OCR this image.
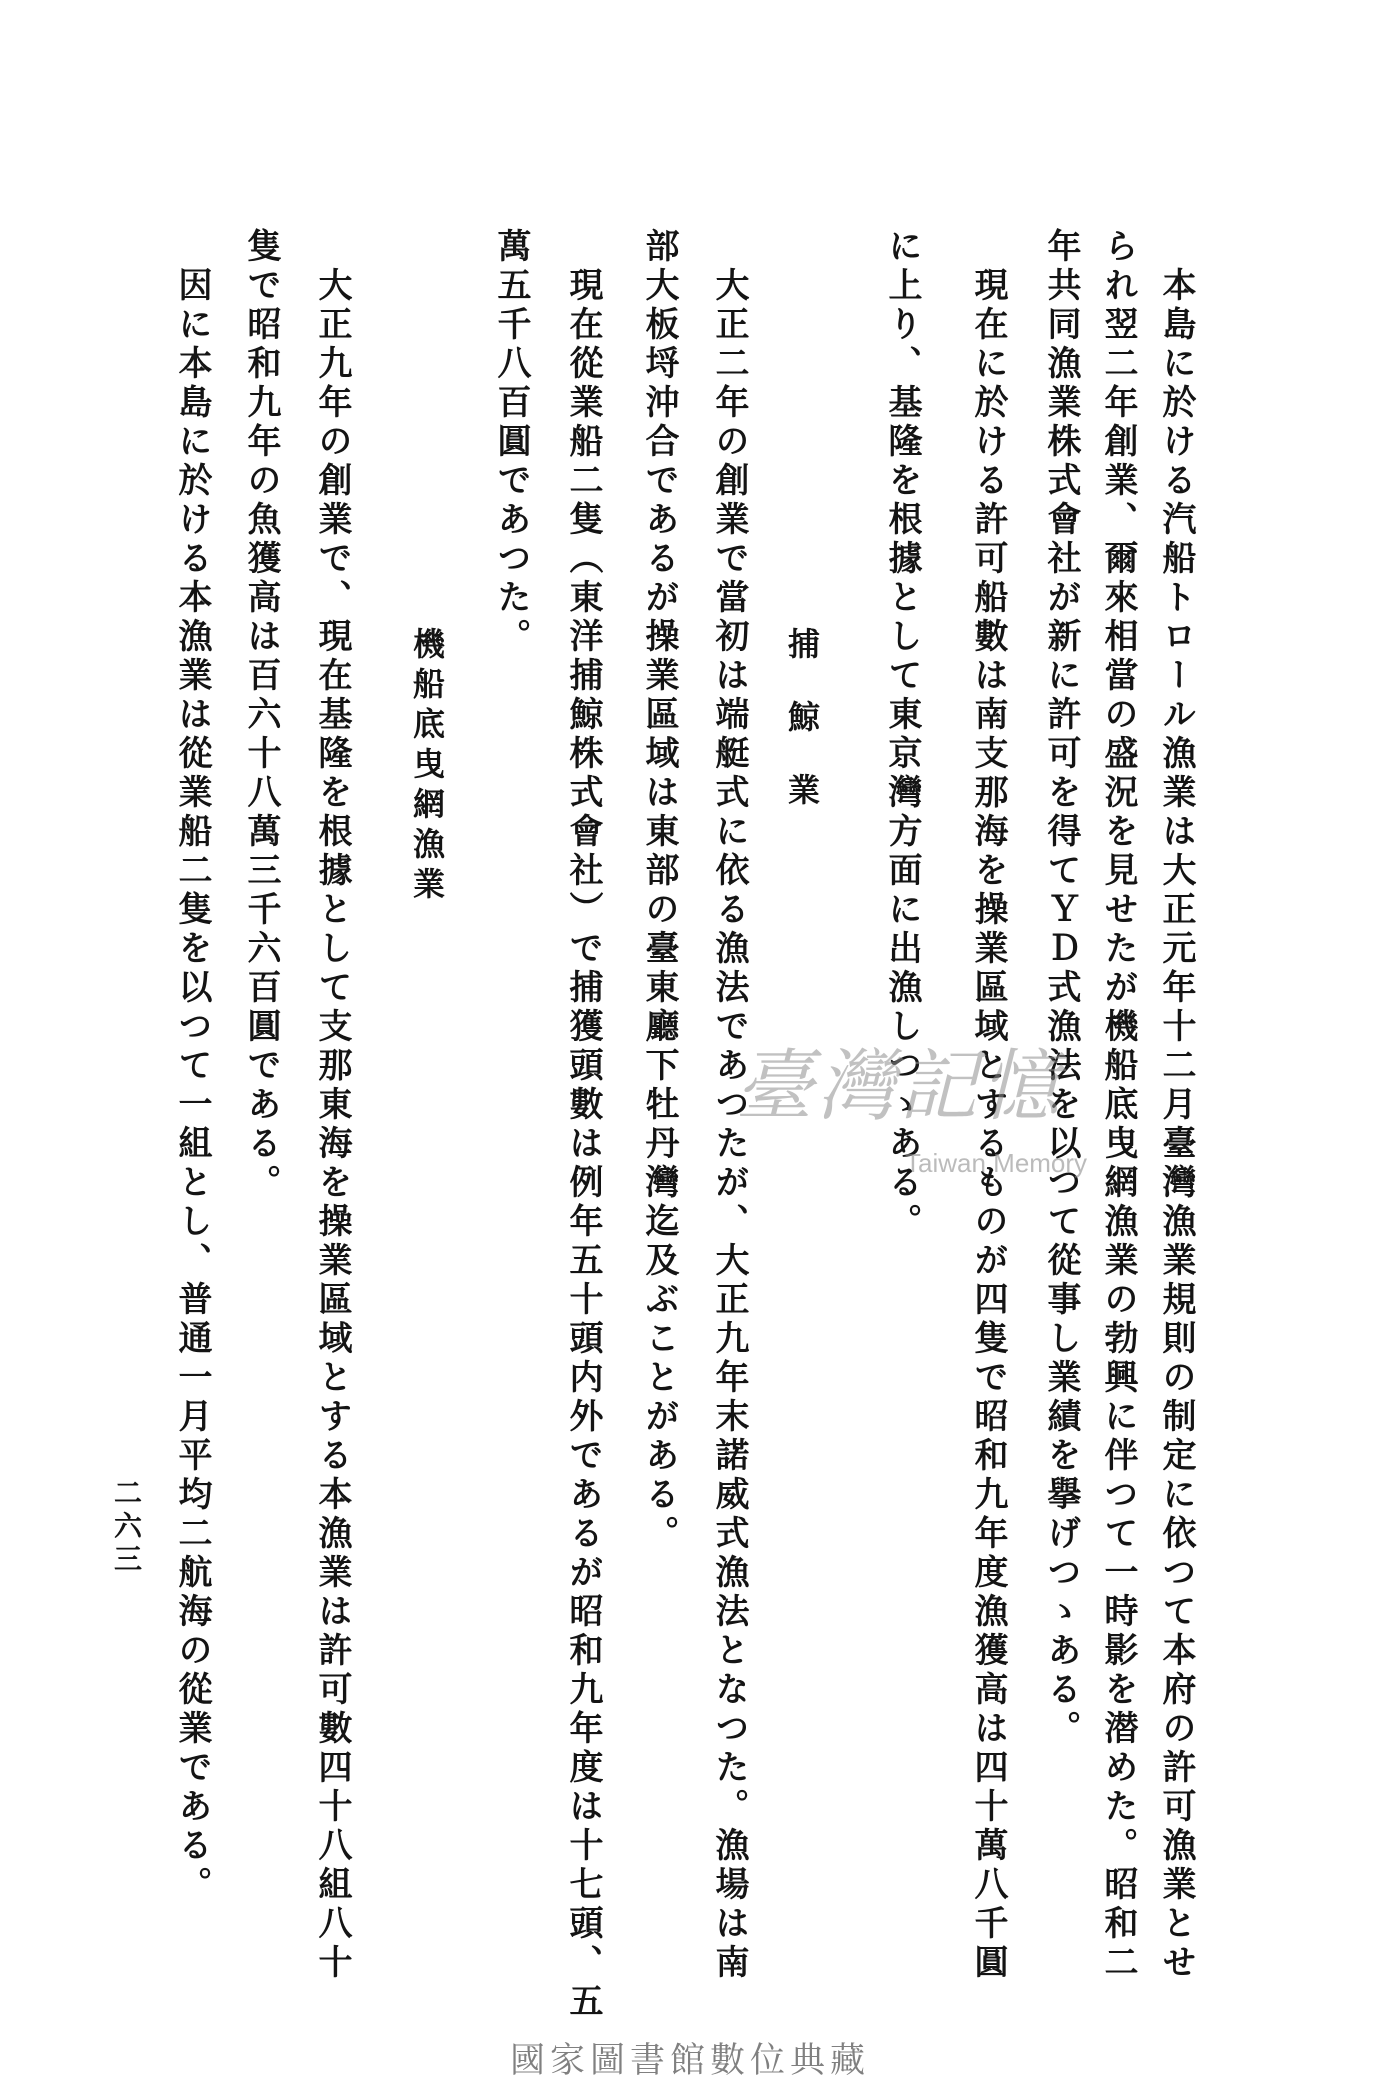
本島に於ける汽船トロール漁業は大正元年十二月臺灣漁業規則の制定に依つて本府の許可漁業とせ
られ翌二年創業、爾來相當の盛況を見せたが機船底曳網漁業の勃興に伴つて一時影を潜めた。昭和二
年共同漁業株式會社が新に許可を得てＹＤ式漁法を以つて從事し業績を擧げつゝある。
現在に於ける許可船數は南支那海を操業區域とするものが四隻で昭和九年度漁獲高は四十萬八千圓
に上り、基隆を根據として東京灣方面に出漁しつゝある。
捕鯨業
大正二年の創業で當初は端艇式に依る漁法であつたが、大正九年末諾威式漁法となつた。漁場は南
部大板埒沖合であるが操業區域は東部の臺東廳下牡丹灣迄及ぶことがある。
現在從業船二隻（東洋捕鯨株式會社）で捕獲頭數は例年五十頭内外であるが昭和九年度は十七頭、五
萬五千八百圓であつた。
機船底曳網漁業
大正九年の創業で、現在基隆を根據として支那東海を操業區域とする本漁業は許可數四十八組八十
隻で昭和九年の魚獲高は百六十八萬三千六百圓である。
因に本島に於ける本漁業は從業船二隻を以つて一組とし、普通一月平均二航海の從業である。
二六三
臺灣記憶
Taiwan Memory
國家圖書館數位典藏
